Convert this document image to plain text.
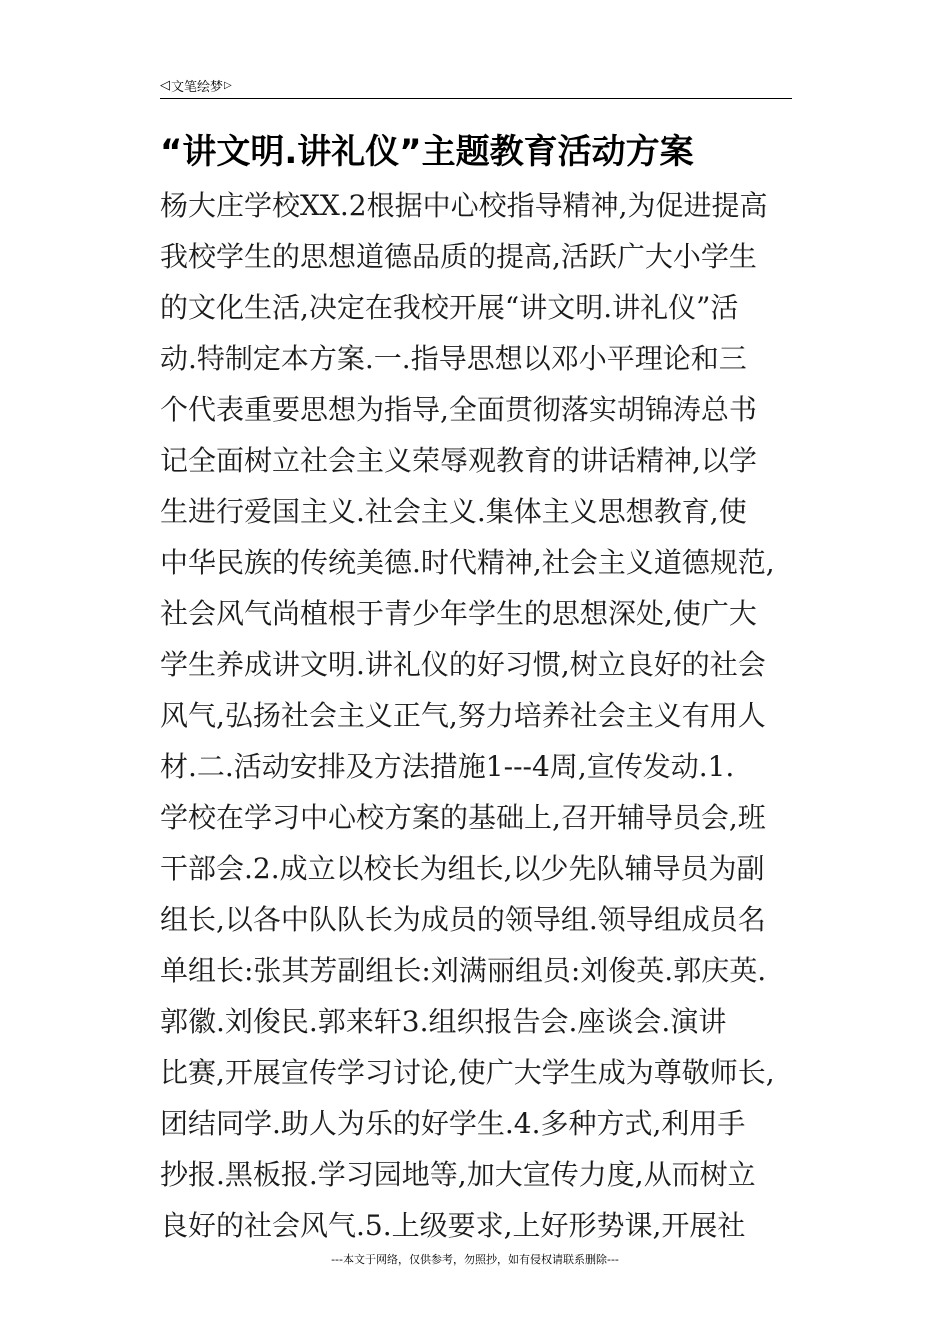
◁ 文笔绘梦 ▷
“讲文明.讲礼仪”主题教育活动方案
杨大庄学校XX.2根据中心校指导精神,为促进提高
我校学生的思想道德品质的提高,活跃广大小学生
的文化生活,决定在我校开展“讲文明.讲礼仪”活
动.特制定本方案.一.指导思想以邓小平理论和三
个代表重要思想为指导,全面贯彻落实胡锦涛总书
记全面树立社会主义荣辱观教育的讲话精神,以学
生进行爱国主义.社会主义.集体主义思想教育,使
中华民族的传统美德.时代精神,社会主义道德规范,
社会风气尚植根于青少年学生的思想深处,使广大
学生养成讲文明.讲礼仪的好习惯,树立良好的社会
风气,弘扬社会主义正气,努力培养社会主义有用人
材.二.活动安排及方法措施1---4周,宣传发动.1.
学校在学习中心校方案的基础上,召开辅导员会,班
干部会.2.成立以校长为组长,以少先队辅导员为副
组长,以各中队队长为成员的领导组.领导组成员名
单组长:张其芳副组长:刘满丽组员:刘俊英.郭庆英.
郭徽.刘俊民.郭来轩3.组织报告会.座谈会.演讲
比赛,开展宣传学习讨论,使广大学生成为尊敬师长,
团结同学.助人为乐的好学生.4.多种方式,利用手
抄报.黑板报.学习园地等,加大宣传力度,从而树立
良好的社会风气.5.上级要求,上好形势课,开展社
---本文于网络，仅供参考，勿照抄，如有侵权请联系删除---
